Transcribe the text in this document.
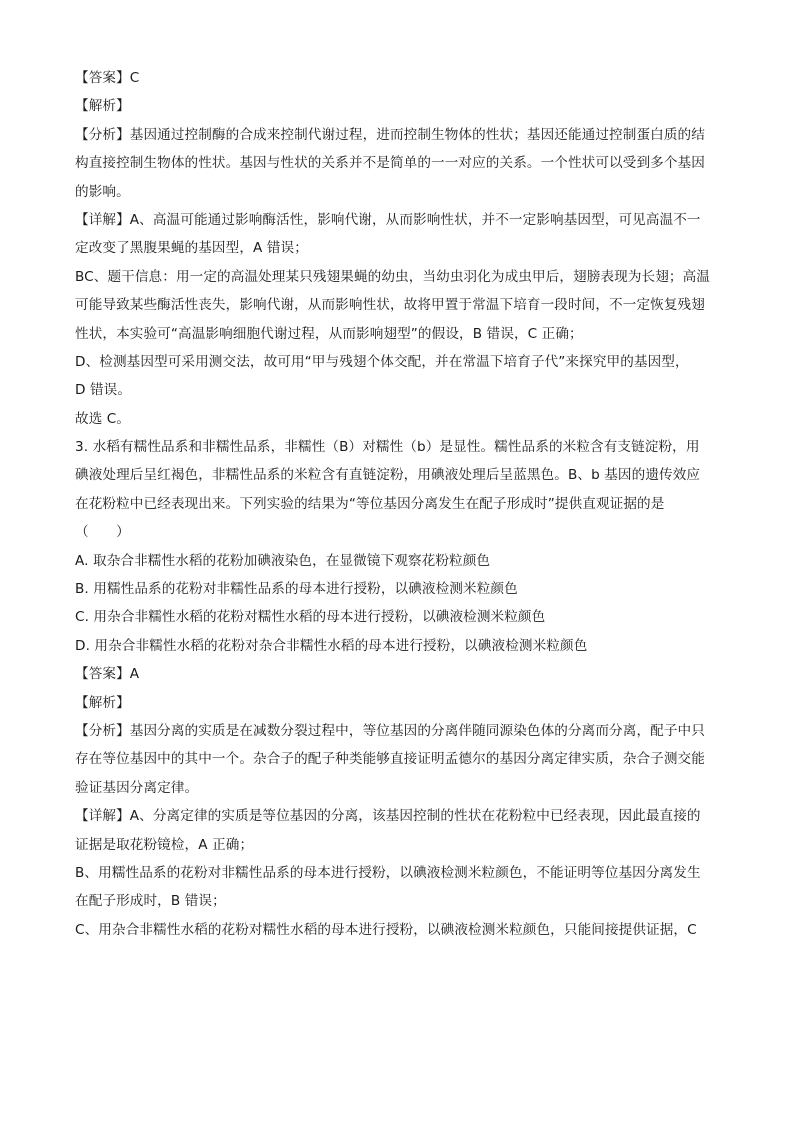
【答案】C
【解析】
【分析】基因通过控制酶的合成来控制代谢过程，进而控制生物体的性状；基因还能通过控制蛋白质的结
构直接控制生物体的性状。基因与性状的关系并不是简单的一一对应的关系。一个性状可以受到多个基因
的影响。
【详解】A、高温可能通过影响酶活性，影响代谢，从而影响性状，并不一定影响基因型，可见高温不一
定改变了黑腹果蝇的基因型，A 错误；
BC、题干信息：用一定的高温处理某只残翅果蝇的幼虫，当幼虫羽化为成虫甲后，翅膀表现为长翅；高温
可能导致某些酶活性丧失，影响代谢，从而影响性状，故将甲置于常温下培育一段时间，不一定恢复残翅
性状，本实验可“高温影响细胞代谢过程，从而影响翅型”的假设，B 错误，C 正确；
D、检测基因型可采用测交法，故可用“甲与残翅个体交配，并在常温下培育子代”来探究甲的基因型，
D 错误。
故选 C。
3. 水稻有糯性品系和非糯性品系，非糯性（B）对糯性（b）是显性。糯性品系的米粒含有支链淀粉，用
碘液处理后呈红褐色，非糯性品系的米粒含有直链淀粉，用碘液处理后呈蓝黑色。B、b 基因的遗传效应
在花粉粒中已经表现出来。下列实验的结果为“等位基因分离发生在配子形成时”提供直观证据的是
（　　）
A. 取杂合非糯性水稻的花粉加碘液染色，在显微镜下观察花粉粒颜色
B. 用糯性品系的花粉对非糯性品系的母本进行授粉，以碘液检测米粒颜色
C. 用杂合非糯性水稻的花粉对糯性水稻的母本进行授粉，以碘液检测米粒颜色
D. 用杂合非糯性水稻的花粉对杂合非糯性水稻的母本进行授粉，以碘液检测米粒颜色
【答案】A
【解析】
【分析】基因分离的实质是在减数分裂过程中，等位基因的分离伴随同源染色体的分离而分离，配子中只
存在等位基因中的其中一个。杂合子的配子种类能够直接证明孟德尔的基因分离定律实质，杂合子测交能
验证基因分离定律。
【详解】A、分离定律的实质是等位基因的分离，该基因控制的性状在花粉粒中已经表现，因此最直接的
证据是取花粉镜检，A 正确；
B、用糯性品系的花粉对非糯性品系的母本进行授粉，以碘液检测米粒颜色，不能证明等位基因分离发生
在配子形成时，B 错误；
C、用杂合非糯性水稻的花粉对糯性水稻的母本进行授粉，以碘液检测米粒颜色，只能间接提供证据，C
